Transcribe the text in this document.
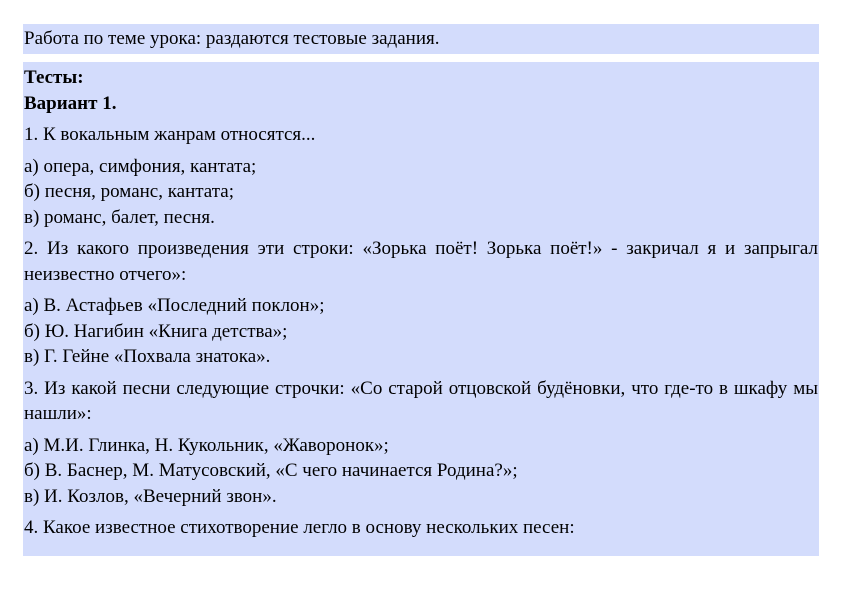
Работа по теме урока: раздаются тестовые задания.
Тесты:
Вариант 1.
1. К вокальным жанрам относятся...
а) опера, симфония, кантата;
б) песня, романс, кантата;
в) романс, балет, песня.
2. Из какого произведения эти строки: «Зорька поёт! Зорька поёт!» - закричал я и запрыгал неизвестно отчего»:
а) В. Астафьев «Последний поклон»;
б) Ю. Нагибин «Книга детства»;
в) Г. Гейне «Похвала знатока».
3. Из какой песни следующие строчки: «Со старой отцовской будёновки, что где-то в шкафу мы нашли»:
а) М.И. Глинка, Н. Кукольник, «Жаворонок»;
б) В. Баснер, М. Матусовский, «С чего начинается Родина?»;
в) И. Козлов, «Вечерний звон».
4. Какое известное стихотворение легло в основу нескольких песен:
